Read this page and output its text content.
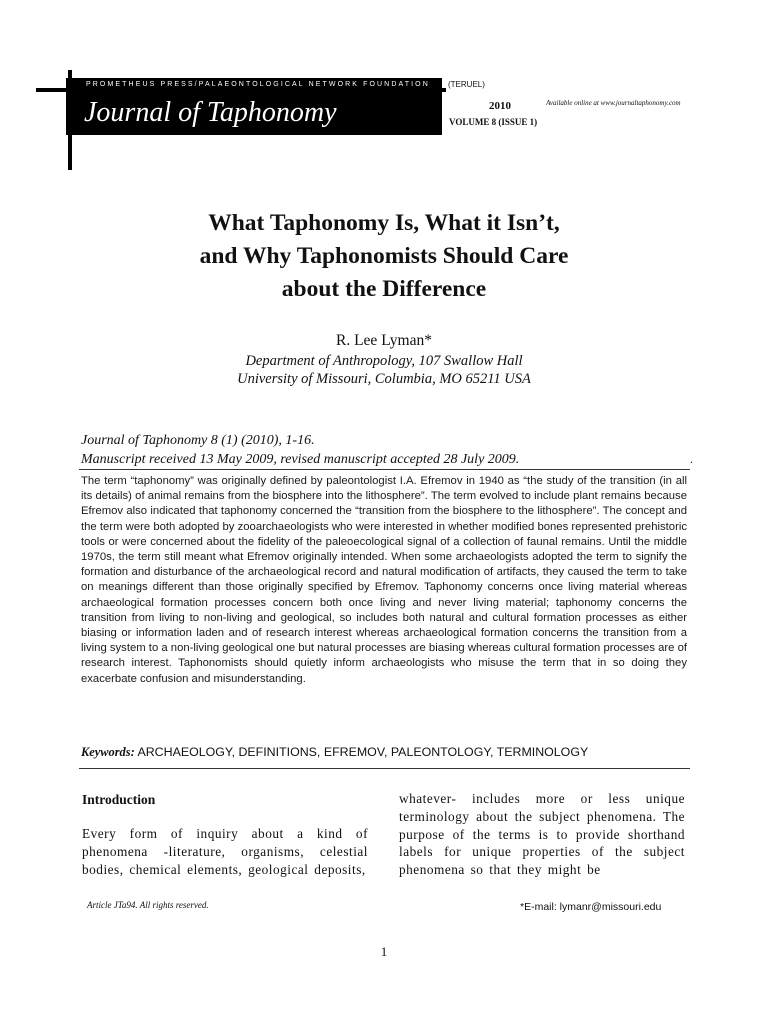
PROMETHEUS PRESS/PALAEONTOLOGICAL NETWORK FOUNDATION
Journal of Taphonomy
(TERUEL)
2010	Available online at www.journaltaphonomy.com
VOLUME 8 (ISSUE 1)
What Taphonomy Is, What it Isn’t,
and Why Taphonomists Should Care
about the Difference
R. Lee Lyman*
Department of Anthropology, 107 Swallow Hall
University of Missouri, Columbia, MO 65211 USA
Journal of Taphonomy 8 (1) (2010), 1-16.
Manuscript received 13 May 2009, revised manuscript accepted 28 July 2009.	.

The term “taphonomy” was originally defined by paleontologist I.A. Efremov in 1940 as “the study of the transition (in all its details) of animal remains from the biosphere into the lithosphere”. The term evolved to include plant remains because Efremov also indicated that taphonomy concerned the “transition from the biosphere to the lithosphere”. The concept and the term were both adopted by zooarchaeologists who were interested in whether modified bones represented prehistoric tools or were concerned about the fidelity of the paleoecological signal of a collection of faunal remains. Until the middle 1970s, the term still meant what Efremov originally intended. When some archaeologists adopted the term to signify the formation and disturbance of the archaeological record and natural modification of artifacts, they caused the term to take on meanings different than those originally specified by Efremov. Taphonomy concerns once living material whereas archaeological formation processes concern both once living and never living material; taphonomy concerns the transition from living to non-living and geological, so includes both natural and cultural formation processes as either biasing or information laden and of research interest whereas archaeological formation concerns the transition from a living system to a non-living geological one but natural processes are biasing whereas cultural formation processes are of research interest. Taphonomists should quietly inform archaeologists who misuse the term that in so doing they exacerbate confusion and misunderstanding.

Keywords: ARCHAEOLOGY, DEFINITIONS, EFREMOV, PALEONTOLOGY, TERMINOLOGY
Introduction

Every form of inquiry about a kind of phenomena -literature, organisms, celestial bodies, chemical elements, geological deposits,

whatever- includes more or less unique terminology about the subject phenomena. The purpose of the terms is to provide shorthand labels for unique properties of the subject phenomena so that they might be

Article JTa94. All rights reserved.	*E-mail: lymanr@missouri.edu
1
